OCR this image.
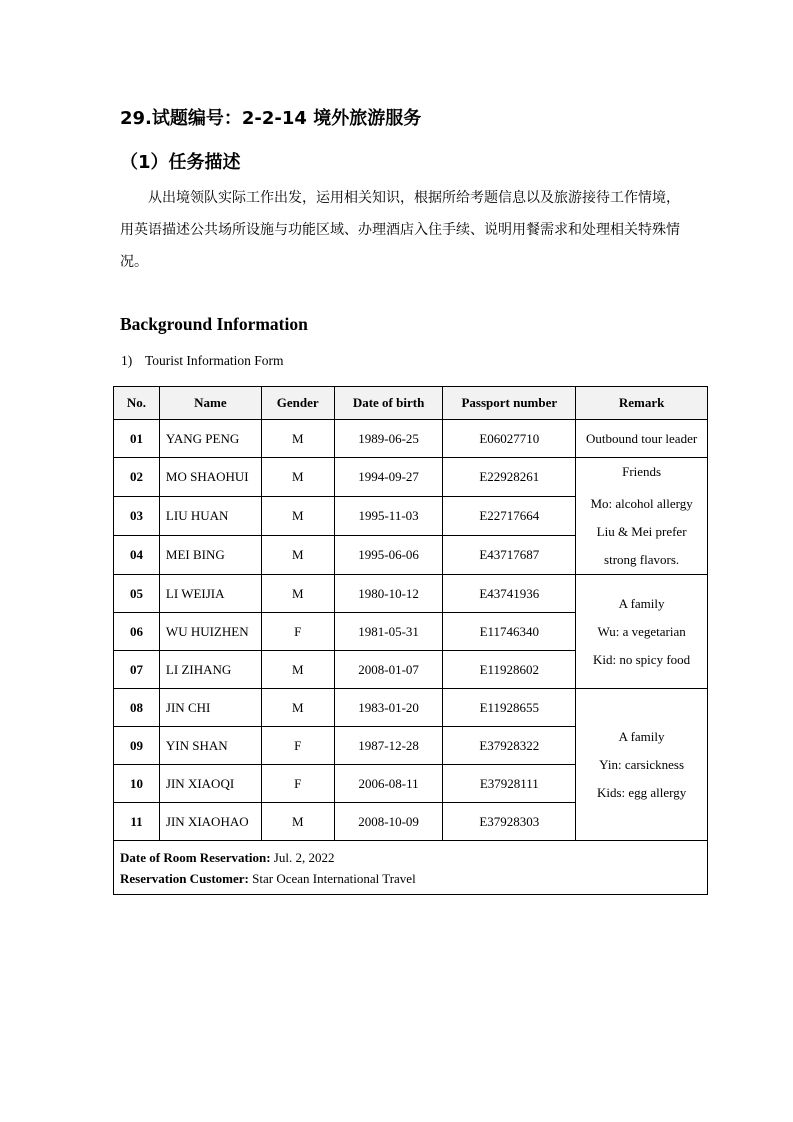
29.试题编号：2-2-14 境外旅游服务
（1）任务描述
从出境领队实际工作出发，运用相关知识，根据所给考题信息以及旅游接待工作情境，用英语描述公共场所设施与功能区域、办理酒店入住手续、说明用餐需求和处理相关特殊情况。
Background Information
1) Tourist Information Form
No.	Name	Gender	Date of birth	Passport number	Remark
01	YANG PENG	M	1989-06-25	E06027710	Outbound tour leader

02	MO SHAOHUI	M	1994-09-27	E22928261	Friends
Mo: alcohol allergy
Liu & Mei prefer
strong flavors.

03	LIU HUAN	M	1995-11-03	E22717664	
04	MEI BING	M	1995-06-06	E43717687	
05	LI WEIJIA	M	1980-10-12	E43741936	A family
Wu: a vegetarian
Kid: no spicy food

06	WU HUIZHEN	F	1981-05-31	E11746340	
07	LI ZIHANG	M	2008-01-07	E11928602	
08	JIN CHI	M	1983-01-20	E11928655	A family
Yin: carsickness
Kids: egg allergy

09	YIN SHAN	F	1987-12-28	E37928322	
10	JIN XIAOQI	F	2006-08-11	E37928111	
11	JIN XIAOHAO	M	2008-10-09	E37928303	

Date of Room Reservation: Jul. 2, 2022
Reservation Customer: Star Ocean International Travel					
